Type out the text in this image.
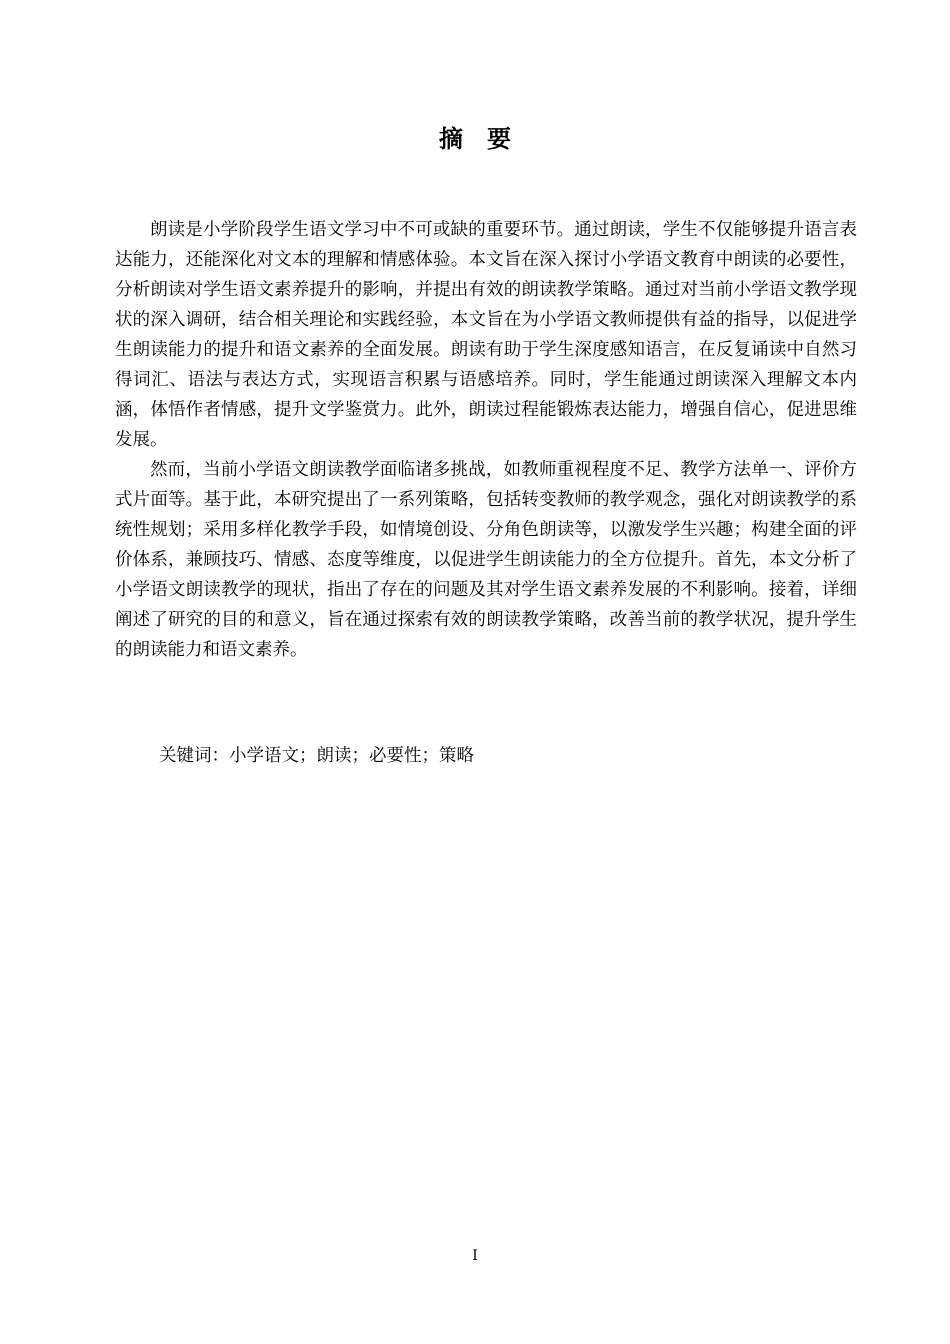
摘要

朗读是小学阶段学生语文学习中不可或缺的重要环节。通过朗读，学生不仅能够提升语言表达能力，还能深化对文本的理解和情感体验。本文旨在深入探讨小学语文教育中朗读的必要性，分析朗读对学生语文素养提升的影响，并提出有效的朗读教学策略。通过对当前小学语文教学现状的深入调研，结合相关理论和实践经验，本文旨在为小学语文教师提供有益的指导，以促进学生朗读能力的提升和语文素养的全面发展。朗读有助于学生深度感知语言，在反复诵读中自然习得词汇、语法与表达方式，实现语言积累与语感培养。同时，学生能通过朗读深入理解文本内涵，体悟作者情感，提升文学鉴赏力。此外，朗读过程能锻炼表达能力，增强自信心，促进思维发展。

然而，当前小学语文朗读教学面临诸多挑战，如教师重视程度不足、教学方法单一、评价方式片面等。基于此，本研究提出了一系列策略，包括转变教师的教学观念，强化对朗读教学的系统性规划；采用多样化教学手段，如情境创设、分角色朗读等，以激发学生兴趣；构建全面的评价体系，兼顾技巧、情感、态度等维度，以促进学生朗读能力的全方位提升。首先，本文分析了小学语文朗读教学的现状，指出了存在的问题及其对学生语文素养发展的不利影响。接着，详细阐述了研究的目的和意义，旨在通过探索有效的朗读教学策略，改善当前的教学状况，提升学生的朗读能力和语文素养。

关键词：小学语文；朗读；必要性；策略
I
